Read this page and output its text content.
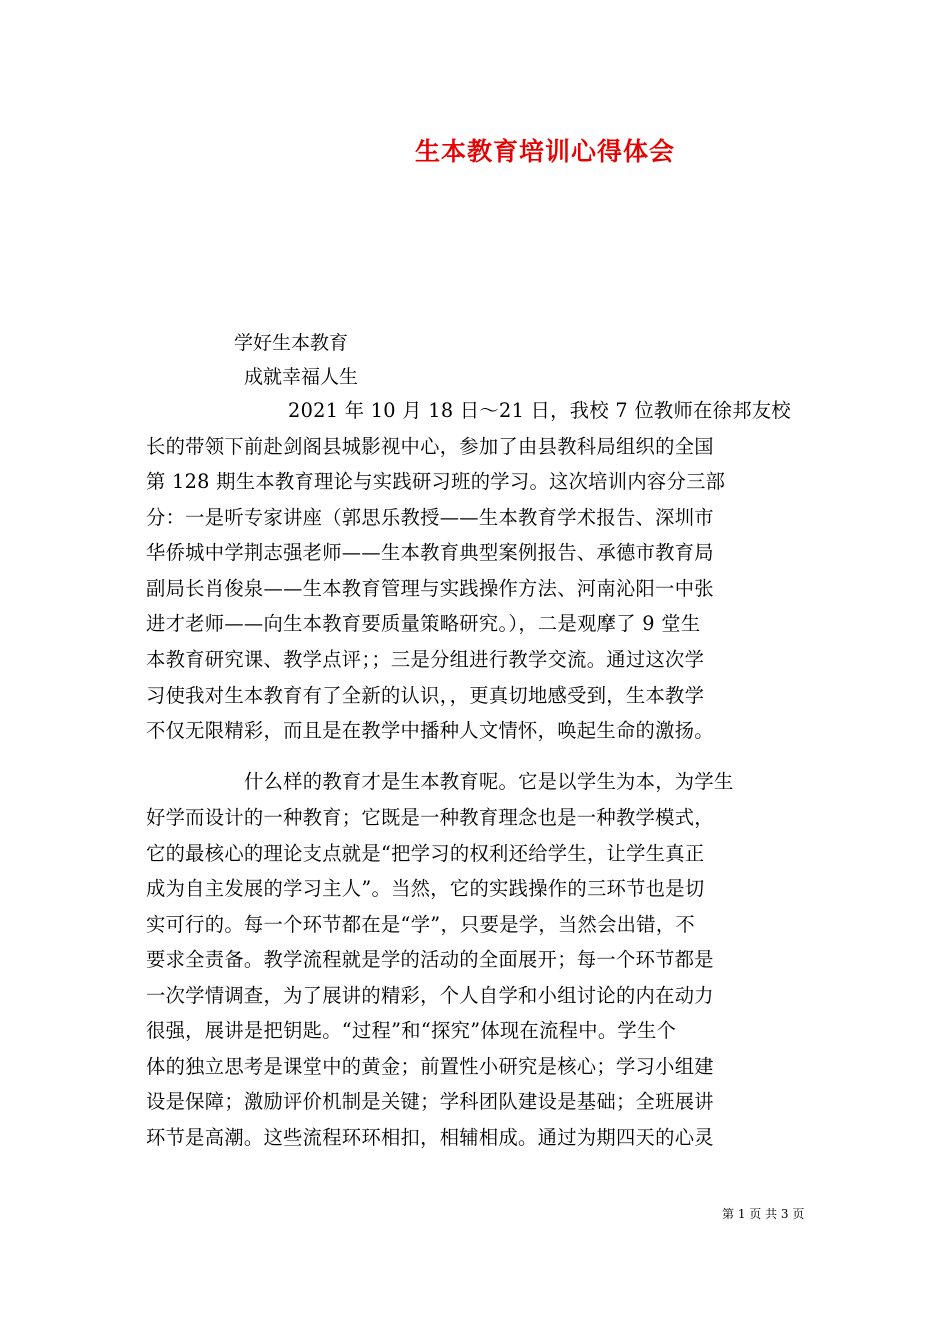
生本教育培训心得体会
学好生本教育
成就幸福人生
2021 年 10 月 18 日～21 日，我校 7 位教师在徐邦友校
长的带领下前赴剑阁县城影视中心，参加了由县教科局组织的全国
第 128 期生本教育理论与实践研习班的学习。这次培训内容分三部
分：一是听专家讲座（郭思乐教授——生本教育学术报告、深圳市
华侨城中学荆志强老师——生本教育典型案例报告、承德市教育局
副局长肖俊泉——生本教育管理与实践操作方法、河南沁阳一中张
进才老师——向生本教育要质量策略研究。），二是观摩了 9 堂生
本教育研究课、教学点评；；三是分组进行教学交流。通过这次学
习使我对生本教育有了全新的认识，，更真切地感受到，生本教学
不仅无限精彩，而且是在教学中播种人文情怀，唤起生命的激扬。
什么样的教育才是生本教育呢。它是以学生为本，为学生
好学而设计的一种教育；它既是一种教育理念也是一种教学模式，
它的最核心的理论支点就是“把学习的权利还给学生，让学生真正
成为自主发展的学习主人”。当然，它的实践操作的三环节也是切
实可行的。每一个环节都在是“学”，只要是学，当然会出错，不
要求全责备。教学流程就是学的活动的全面展开；每一个环节都是
一次学情调查，为了展讲的精彩，个人自学和小组讨论的内在动力
很强，展讲是把钥匙。“过程”和“探究”体现在流程中。学生个
体的独立思考是课堂中的黄金；前置性小研究是核心；学习小组建
设是保障；激励评价机制是关键；学科团队建设是基础；全班展讲
环节是高潮。这些流程环环相扣，相辅相成。通过为期四天的心灵
第 1 页 共 3 页
